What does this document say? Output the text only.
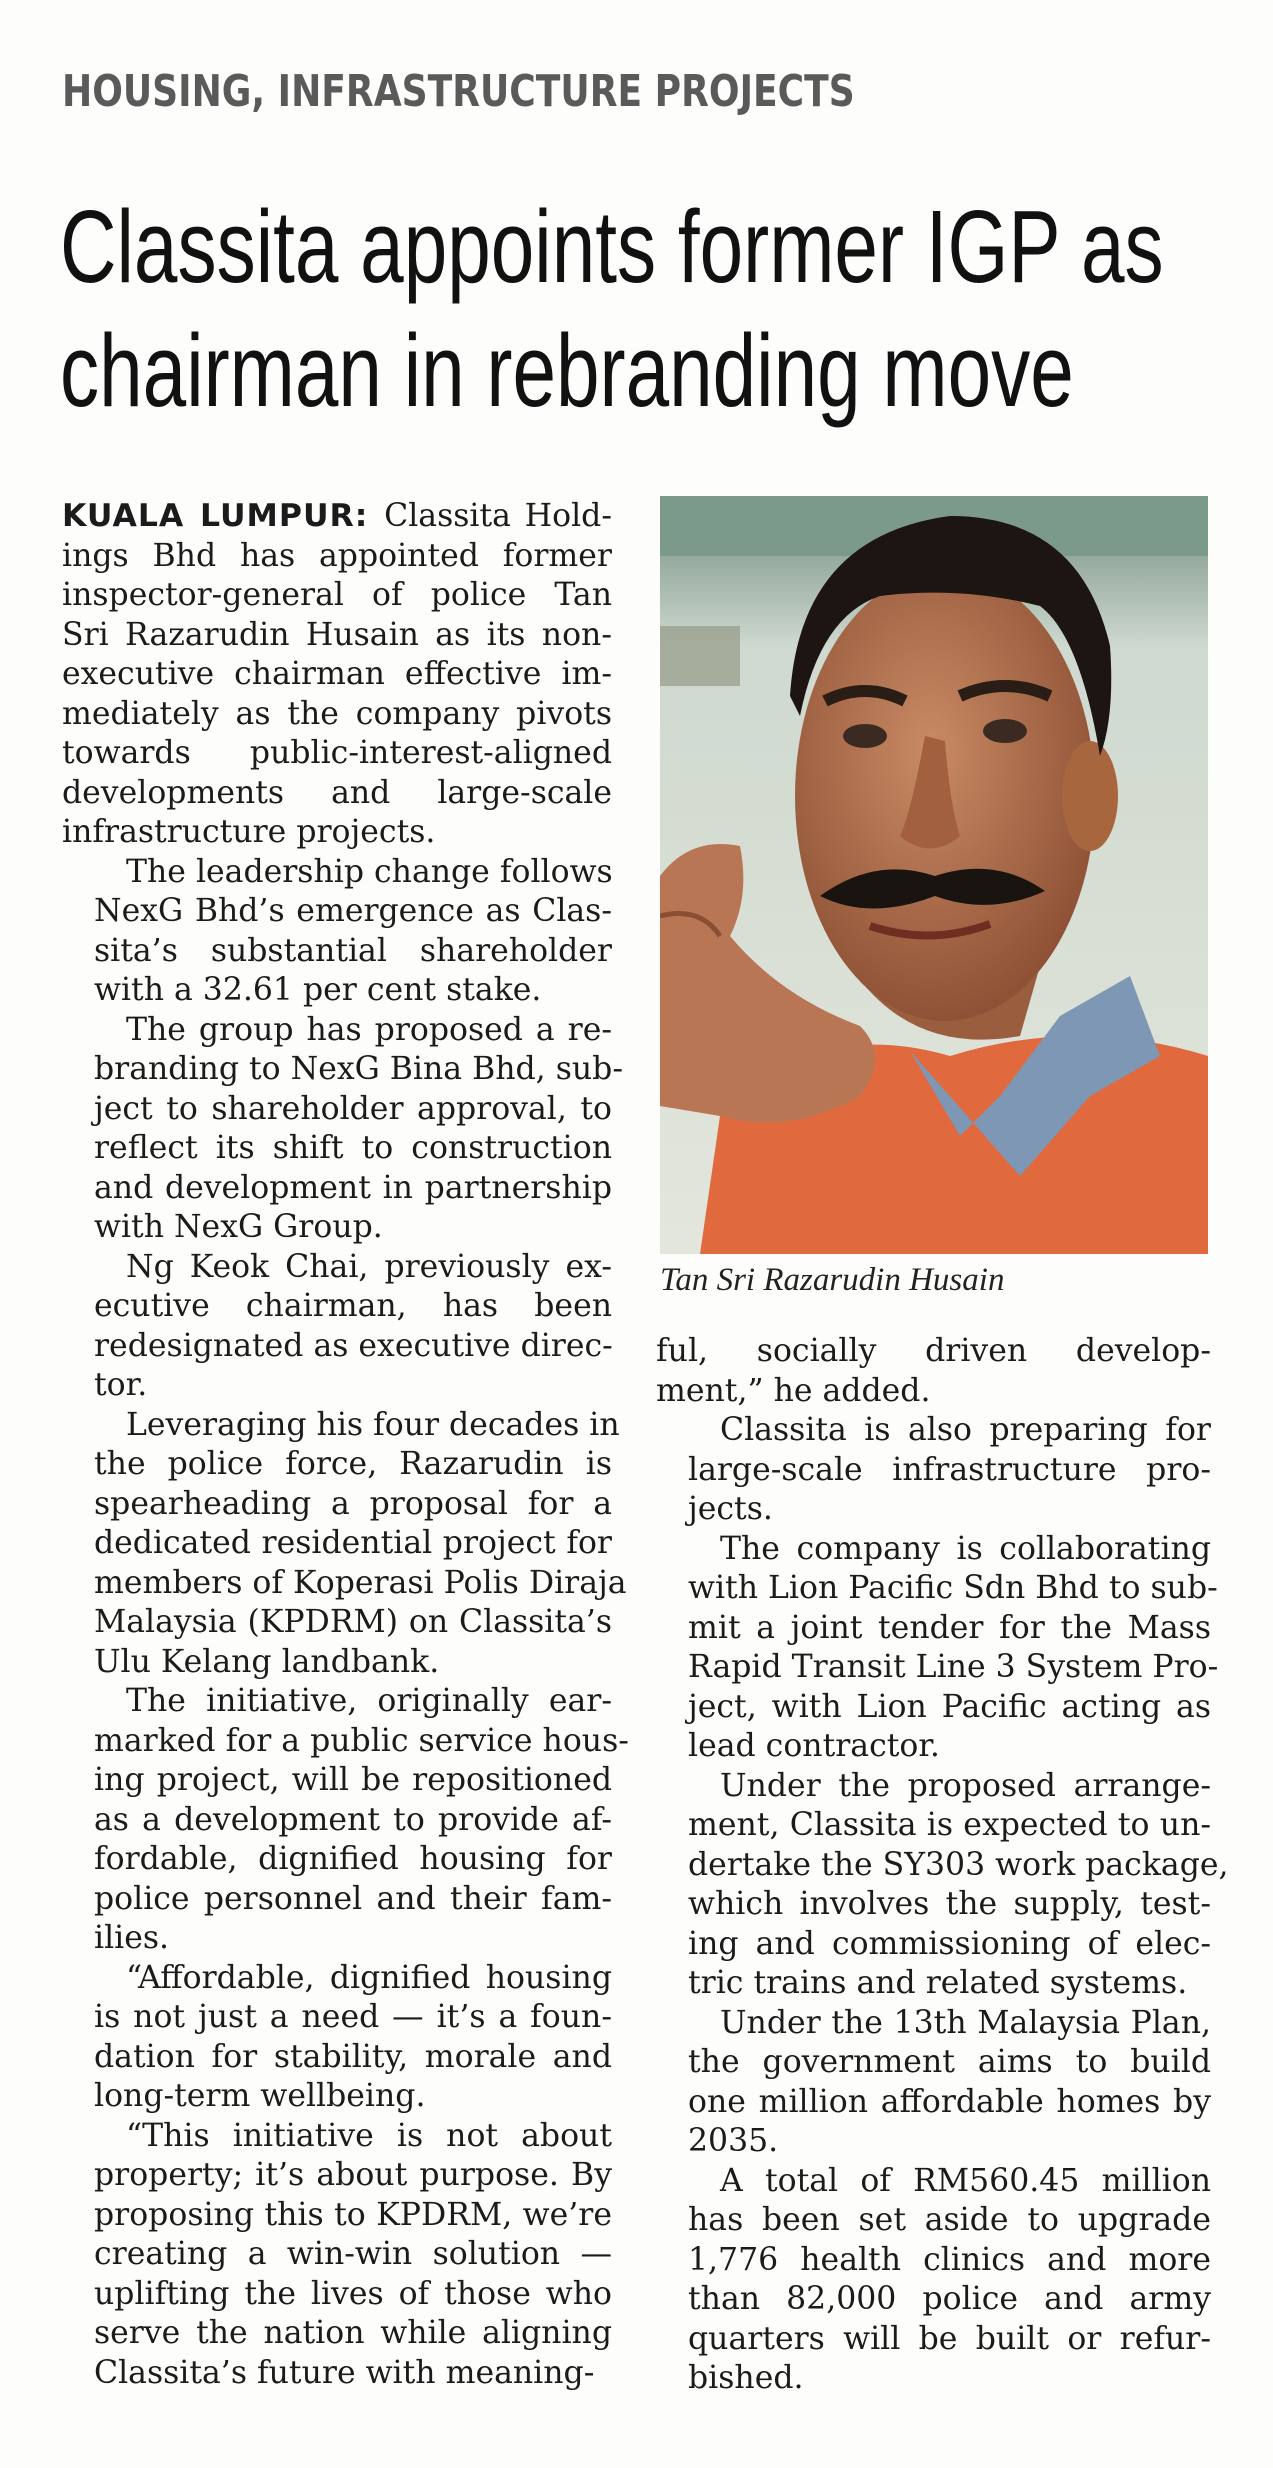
HOUSING, INFRASTRUCTURE PROJECTS
Classita appoints former IGP as
chairman in rebranding move

KUALA LUMPUR: Classita Hold-
ings Bhd has appointed former
inspector-general of police Tan
Sri Razarudin Husain as its non-
executive chairman effective im-
mediately as the company pivots
towards public-interest-aligned
developments and large-scale
infrastructure projects.

The leadership change follows
NexG Bhd’s emergence as Clas-
sita’s substantial shareholder
with a 32.61 per cent stake.

The group has proposed a re-
branding to NexG Bina Bhd, sub-
ject to shareholder approval, to
reflect its shift to construction
and development in partnership
with NexG Group.

Ng Keok Chai, previously ex-
ecutive chairman, has been
redesignated as executive direc-
tor.

Leveraging his four decades in
the police force, Razarudin is
spearheading a proposal for a
dedicated residential project for
members of Koperasi Polis Diraja
Malaysia (KPDRM) on Classita’s
Ulu Kelang landbank.

The initiative, originally ear-
marked for a public service hous-
ing project, will be repositioned
as a development to provide af-
fordable, dignified housing for
police personnel and their fam-
ilies.

“Affordable, dignified housing
is not just a need — it’s a foun-
dation for stability, morale and
long-term wellbeing.

“This initiative is not about
property; it’s about purpose. By
proposing this to KPDRM, we’re
creating a win-win solution —
uplifting the lives of those who
serve the nation while aligning
Classita’s future with meaning-

Tan Sri Razarudin Husain

ful, socially driven develop-
ment,” he added.

Classita is also preparing for
large-scale infrastructure pro-
jects.

The company is collaborating
with Lion Pacific Sdn Bhd to sub-
mit a joint tender for the Mass
Rapid Transit Line 3 System Pro-
ject, with Lion Pacific acting as
lead contractor.

Under the proposed arrange-
ment, Classita is expected to un-
dertake the SY303 work package,
which involves the supply, test-
ing and commissioning of elec-
tric trains and related systems.

Under the 13th Malaysia Plan,
the government aims to build
one million affordable homes by
2035.

A total of RM560.45 million
has been set aside to upgrade
1,776 health clinics and more
than 82,000 police and army
quarters will be built or refur-
bished.
